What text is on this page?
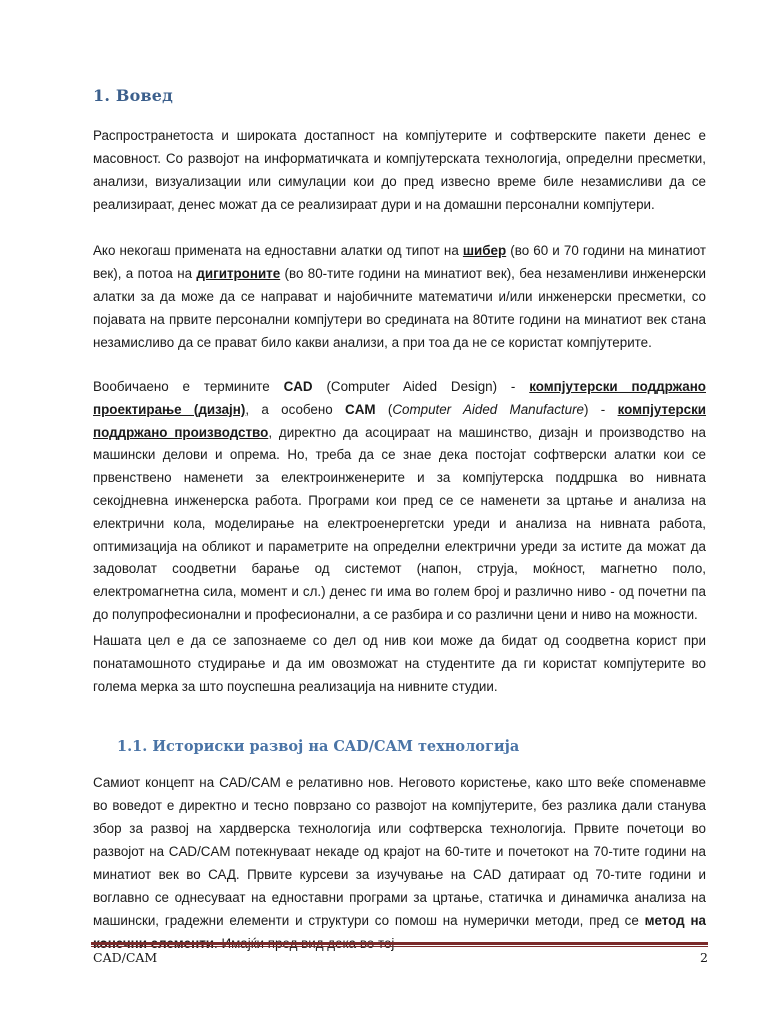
1. Вовед

Распространетоста и широката достапност на компјутерите и софтверските пакети денес е масовност. Со развојот на информатичката и компјутерската технологија, определни пресметки, анализи, визуализации или симулации кои до пред извесно време биле незамисливи да се реализираат, денес можат да се реализираат дури и на домашни персонални компјутери.

Ако некогаш примената на едноставни алатки од типот на шибер (во 60 и 70 години на минатиот век), а потоа на дигитроните (во 80-тите години на минатиот век), беа незаменливи инженерски алатки за да може да се направат и најобичните математичи и/или инженерски пресметки, со појавата на првите персонални компјутери во средината на 80тите години на минатиот век стана незамисливо да се прават било какви анализи, а при тоа да не се користат компјутерите.

Вообичаено е термините CAD (Computer Aided Design) - компјутерски поддржано проектирање (дизајн), а особено CAM (Computer Aided Manufacture) - компјутерски поддржано производство, директно да асоцираат на машинство, дизајн и производство на машински делови и опрема. Но, треба да се знае дека постојат софтверски алатки кои се првенствено наменети за електроинженерите и за компјутерска поддршка во нивната секојдневна инженерска работа. Програми кои пред се се наменети за цртање и анализа на електрични кола, моделирање на електроенергетски уреди и анализа на нивната работа, оптимизација на обликот и параметрите на определни електрични уреди за истите да можат да задоволат соодветни барање од системот (напон, струја, моќност, магнетно поло, електромагнетна сила, момент и сл.) денес ги има во голем број и различно ниво - од почетни па до полупрофесионални и професионални, а се разбира и со различни цени и ниво на можности.

Нашата цел е да се запознаеме со дел од нив кои може да бидат од соодветна корист при понатамошното студирање и да им овозможат на студентите да ги користат компјутерите во голема мерка за што поуспешна реализација на нивните студии.

1.1. Историски развој на CAD/CAM технологија

Самиот концепт на CAD/CAM е релативно нов. Неговото користење, како што веќе споменавме во воведот е директно и тесно поврзано со развојот на компјутерите, без разлика дали станува збор за развој на хардверска технологија или софтверска технологија. Првите почетоци во развојот на CAD/CAM потекнуваат некаде од крајот на 60-тите и почетокот на 70-тите години на минатиот век во САД. Првите курсеви за изучување на CAD датираат од 70-тите години и воглавно се однесуваат на едноставни програми за цртање, статичка и динамичка анализа на машински, градежни елементи и структури со помош на нумерички методи, пред се метод на

CAD/CAM	2
